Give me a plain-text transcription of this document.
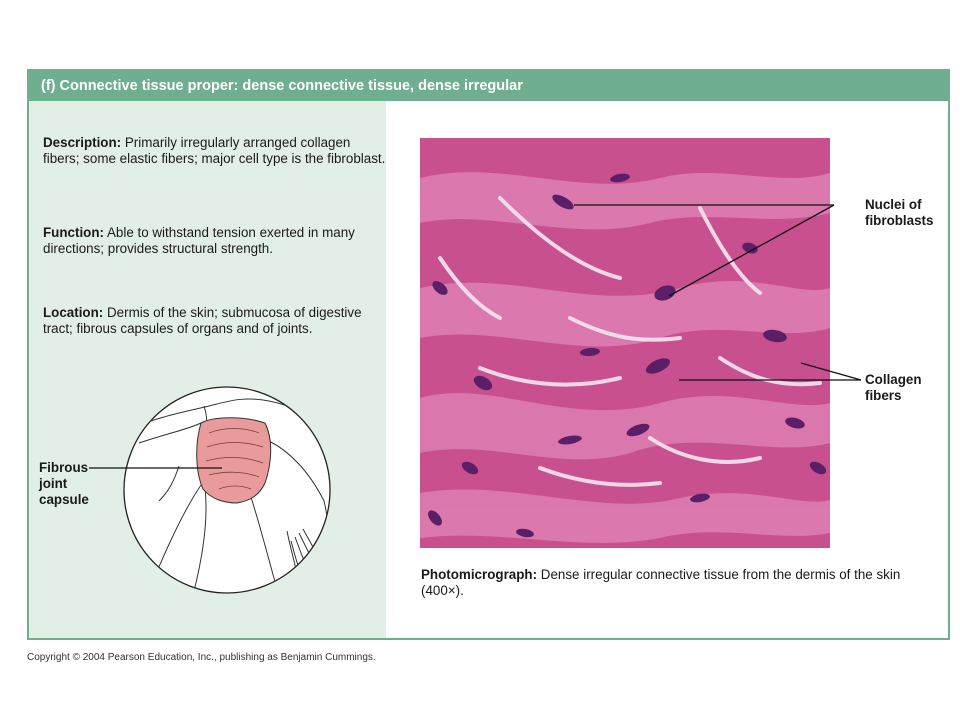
(f) Connective tissue proper: dense connective tissue, dense irregular
Description: Primarily irregularly arranged collagen fibers; some elastic fibers; major cell type is the fibroblast.
Function: Able to withstand tension exerted in many directions; provides structural strength.
Location: Dermis of the skin; submucosa of digestive tract; fibrous capsules of organs and of joints.
Fibrous
joint
capsule
Nuclei of
fibroblasts
Collagen
fibers
Photomicrograph: Dense irregular connective tissue from the dermis of the skin (400×).
Copyright © 2004 Pearson Education, Inc., publishing as Benjamin Cummings.
